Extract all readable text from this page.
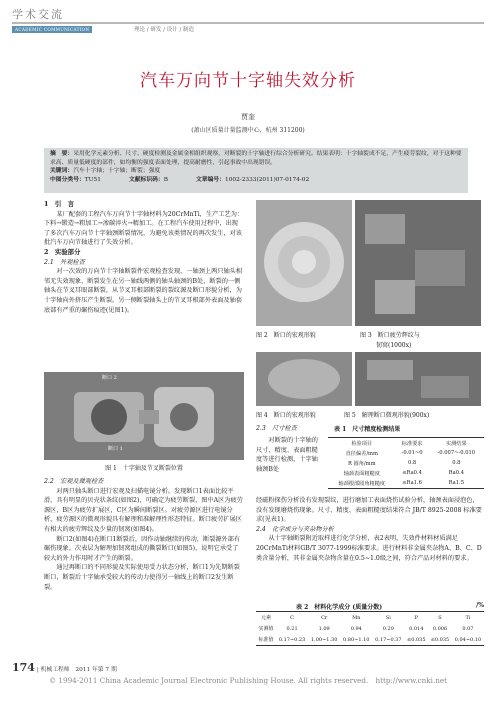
学术交流
ACADEMIC COMMUNICATION	理论 / 研发 / 设计 / 制造
汽车万向节十字轴失效分析
贾奎
(萧山区质量计量监测中心，杭州 311200)
摘　要：采用化学元素分析、尺寸、硬度检测及金属金相组织观察，对断裂的十字轴进行综合分析研究。结果表明：十字轴裂成不足，产生疲劳裂纹，对于这种要求高、质量低硬度的部件，如均衡的强度表面处理，提高耐磨性，引起事故中出现错误。
关键词：汽车十字轴；十字轴；断裂；强度
中图分类号：TU51	文献标识码：B	文章编号：1002-2333(2011)07-0174-02
1　引　言

某厂配套的工程汽车万向节十字轴材料为20CrMnTi，生产工艺为：下料→锻造→粗加工→渗碳淬火→精加工。在工程汽车使用过程中，出现了多次汽车万向节十字轴颈断裂情况，为避免该类情况的再次发生，对该批汽车万向节轴进行了失效分析。

2　实验部分
2.1　外观检查

对一次效的万向节十字轴断裂件宏观检查发现，一轴颈上两只轴头相邻无失效现象，断裂发生在另一轴线两侧的轴头轴颈的B处，断裂的一侧轴头在节叉耳眼部断裂，从节叉耳根部断裂的裂纹源及断口形貌分析，为十字轴向外挤压产生断裂。另一侧断裂轴头上的节叉耳根部外表面及轴套底部有严重的碾伤痕迹(见图1)。

断口 2
断口 1
图 1　十字轴及节叉断裂位置
2.2　宏观及微观检查

对两只轴头断口进行宏观及扫描电镜分析。发现断口1表面比较平滑，具有明显的贝壳状条纹(如图2)，可确定为疲劳断裂，图中A区为疲劳源区，B区为疲劳扩展区，C区为瞬间断裂区。对疲劳源区进行电镜分析，疲劳源区的微观形貌具有解理和准解理性形态特征。断口疲劳扩展区有相大的疲劳辉纹及少量的韧窝(如图4)。

断口2(如图4)在断口1断裂后，因作动轴继续的传动，断裂源外部有碾伤现象。次表层为解理加韧窝组成的撕裂断口(如图5)，说明它承受了较大的外力作用时才产生的断裂。

通过再断口的不同形貌及实际使用受力状态分析，断口1为先期断裂断口，断裂后十字轴承受较大的传动力使得另一轴线上的断口2发生断裂。

图 2　断口的宏观形貌	图 3　断口疲劳辉纹与
韧窝(1000x)
图 4　断口的宏观形貌	图 5　解理断口微观形貌(900x)
2.3　尺寸检查	表 1　尺寸精度检测结果

对断裂的十字轴的尺寸、精度、表面粗糙度等进行检测，十字轴轴颈B处

检验项目	标准要求	实测结果
直径偏差/mm	-0.01~0	-0.007~-0.010
R 圆角/mm	0.8	0.8
轴颈表面粗糙度	≤Ra0.4	Ra0.4
轴颈根部圆角粗糙度	≤Ra1.6	Ra1.5

经磁粉探伤分析没有发现裂纹，进行磨加工表面烧伤试验分析，轴颈表面浸泡色，没有发现磨烧伤现象。尺寸、精度、表面粗糙度结果符合 JB/T 8925-2008 标准要求(见表1)。

2.4　化学成分与夹杂物分析

从十字轴断裂附近取样进行化学分析，表2表明，失效件材料材质满足20CrMnTi材料GB/T 3077-1999标准要求。进行材料非金属夹杂物A、B、C、D类含量分析，其非金属夹杂物含量在0.5~1.0级之间，符合产品对材料的要求。

表 2　材料化学成分 (质量分数)	/%
元素	C	Cr	Mn	Si	P	S	Ti
实测值	0.21	1.09	0.94	0.29	0.014	0.006	0.07
标准值	0.17~0.23	1.00~1.30	0.80~1.10	0.17~0.37	≤0.035	≤0.035	0.04~0.10
174 | 机械工程师　2011 年第 7 期
© 1994-2011 China Academic Journal Electronic Publishing House. All rights reserved.　http://www.cnki.net
